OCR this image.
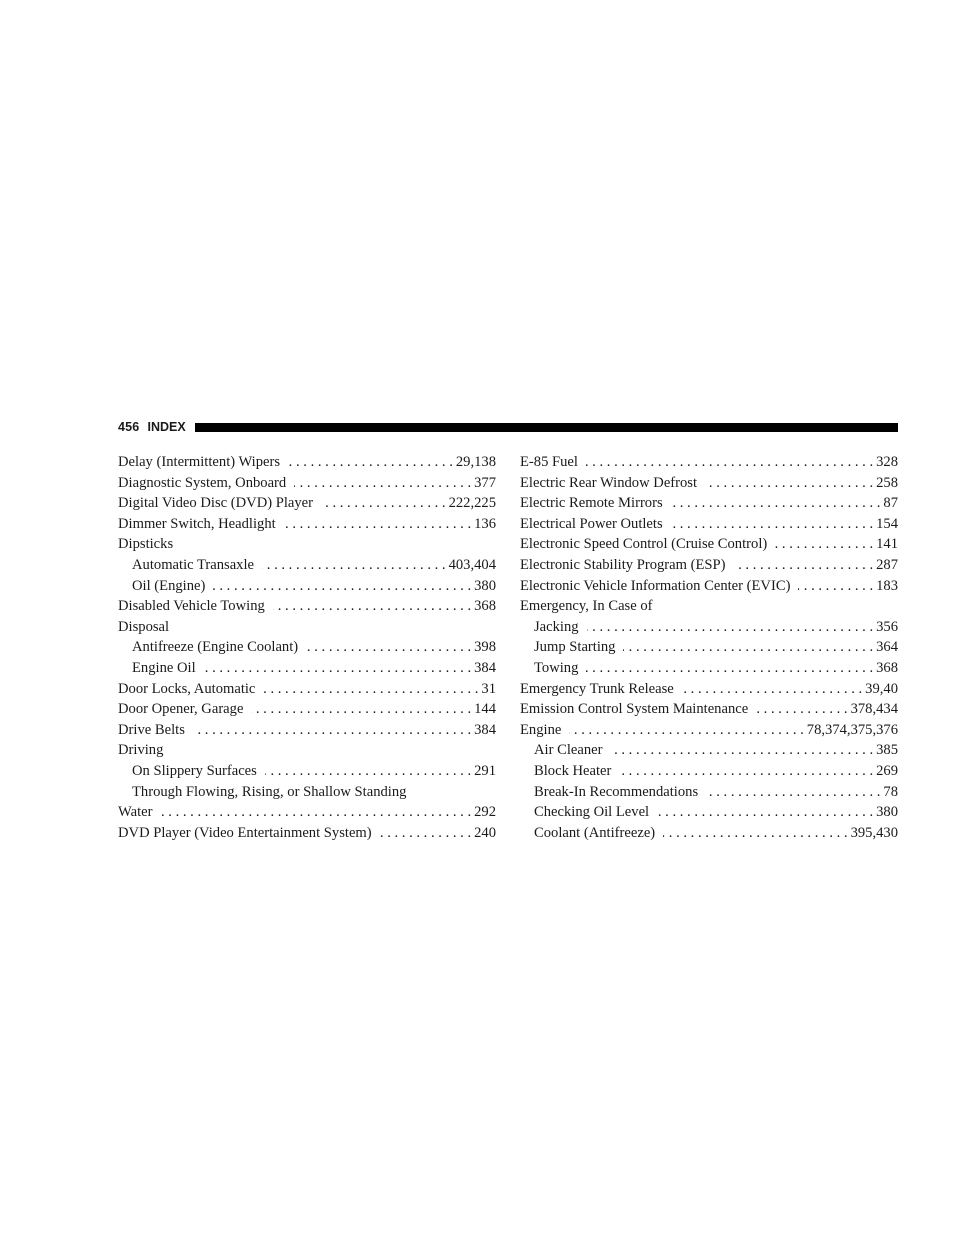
456 INDEX
Delay (Intermittent) Wipers . . .	29,138
Diagnostic System, Onboard . . .	377
Digital Video Disc (DVD) Player . . .	222,225
Dimmer Switch, Headlight . . .	136
Dipsticks
Automatic Transaxle . . .	403,404
Oil (Engine) . . .	380
Disabled Vehicle Towing . . .	368
Disposal
Antifreeze (Engine Coolant) . . .	398
Engine Oil . . .	384
Door Locks, Automatic . . .	31
Door Opener, Garage . . .	144
Drive Belts . . .	384
Driving
On Slippery Surfaces . . .	291
Through Flowing, Rising, or Shallow Standing
Water . . .	292
DVD Player (Video Entertainment System) . . .	240
E-85 Fuel . . .	328
Electric Rear Window Defrost . . .	258
Electric Remote Mirrors . . .	87
Electrical Power Outlets . . .	154
Electronic Speed Control (Cruise Control) . . .	141
Electronic Stability Program (ESP) . . .	287
Electronic Vehicle Information Center (EVIC) . . .	183
Emergency, In Case of
Jacking . . .	356
Jump Starting . . .	364
Towing . . .	368
Emergency Trunk Release . . .	39,40
Emission Control System Maintenance . . .	378,434
Engine . . .	78,374,375,376
Air Cleaner . . .	385
Block Heater . . .	269
Break-In Recommendations . . .	78
Checking Oil Level . . .	380
Coolant (Antifreeze) . . .	395,430
